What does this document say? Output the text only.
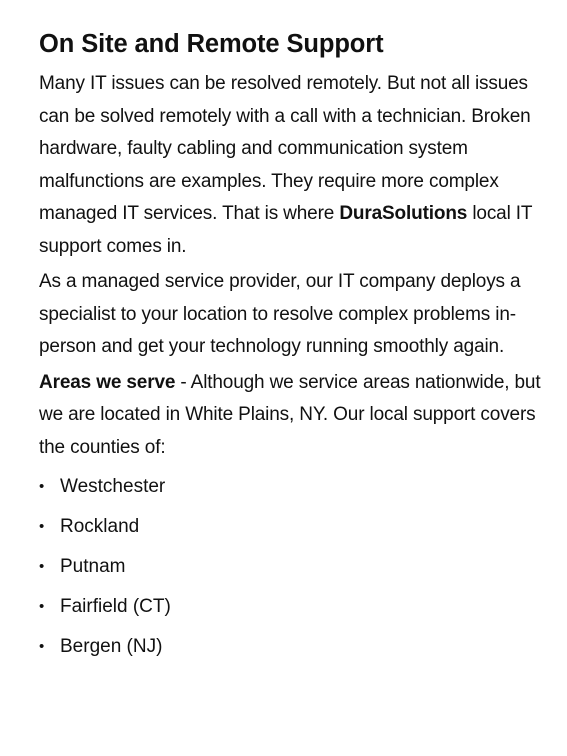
On Site and Remote Support

Many IT issues can be resolved remotely. But not all issues can be solved remotely with a call with a technician. Broken hardware, faulty cabling and communication system malfunctions are examples. They require more complex managed IT services. That is where DuraSolutions local IT support comes in.

As a managed service provider, our IT company deploys a specialist to your location to resolve complex problems in-person and get your technology running smoothly again.

Areas we serve - Although we service areas nationwide, but we are located in White Plains, NY. Our local support covers the counties of:

• Westchester
• Rockland
• Putnam
• Fairfield (CT)
• Bergen (NJ)
